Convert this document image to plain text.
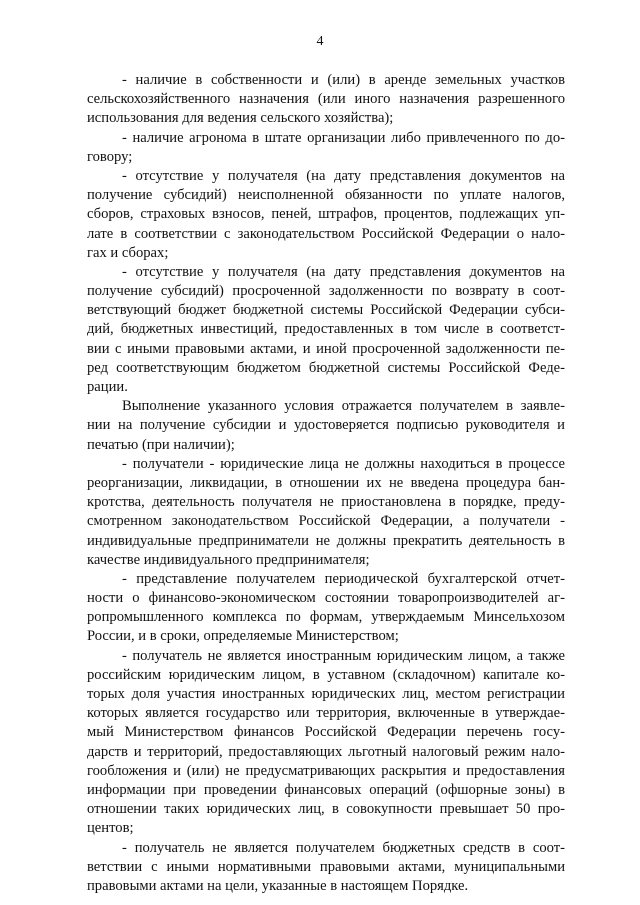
4

- наличие в собственности и (или) в аренде земельных участков
сельскохозяйственного назначения (или иного назначения разрешенного
использования для ведения сельского хозяйства);

- наличие агронома в штате организации либо привлеченного по до-
говору;

- отсутствие у получателя (на дату представления документов на
получение субсидий) неисполненной обязанности по уплате налогов,
сборов, страховых взносов, пеней, штрафов, процентов, подлежащих уп-
лате в соответствии с законодательством Российской Федерации о нало-
гах и сборах;

- отсутствие у получателя (на дату представления документов на
получение субсидий) просроченной задолженности по возврату в соот-
ветствующий бюджет бюджетной системы Российской Федерации субси-
дий, бюджетных инвестиций, предоставленных в том числе в соответст-
вии с иными правовыми актами, и иной просроченной задолженности пе-
ред соответствующим бюджетом бюджетной системы Российской Феде-
рации.

Выполнение указанного условия отражается получателем в заявле-
нии на получение субсидии и удостоверяется подписью руководителя и
печатью (при наличии);

- получатели - юридические лица не должны находиться в процессе
реорганизации, ликвидации, в отношении их не введена процедура бан-
кротства, деятельность получателя не приостановлена в порядке, преду-
смотренном законодательством Российской Федерации, а получатели -
индивидуальные предприниматели не должны прекратить деятельность в
качестве индивидуального предпринимателя;

- представление получателем периодической бухгалтерской отчет-
ности о финансово-экономическом состоянии товаропроизводителей аг-
ропромышленного комплекса по формам, утверждаемым Минсельхозом
России, и в сроки, определяемые Министерством;

- получатель не является иностранным юридическим лицом, а также
российским юридическим лицом, в уставном (складочном) капитале ко-
торых доля участия иностранных юридических лиц, местом регистрации
которых является государство или территория, включенные в утверждае-
мый Министерством финансов Российской Федерации перечень госу-
дарств и территорий, предоставляющих льготный налоговый режим нало-
гообложения и (или) не предусматривающих раскрытия и предоставления
информации при проведении финансовых операций (офшорные зоны) в
отношении таких юридических лиц, в совокупности превышает 50 про-
центов;

- получатель не является получателем бюджетных средств в соот-
ветствии с иными нормативными правовыми актами, муниципальными
правовыми актами на цели, указанные в настоящем Порядке.
